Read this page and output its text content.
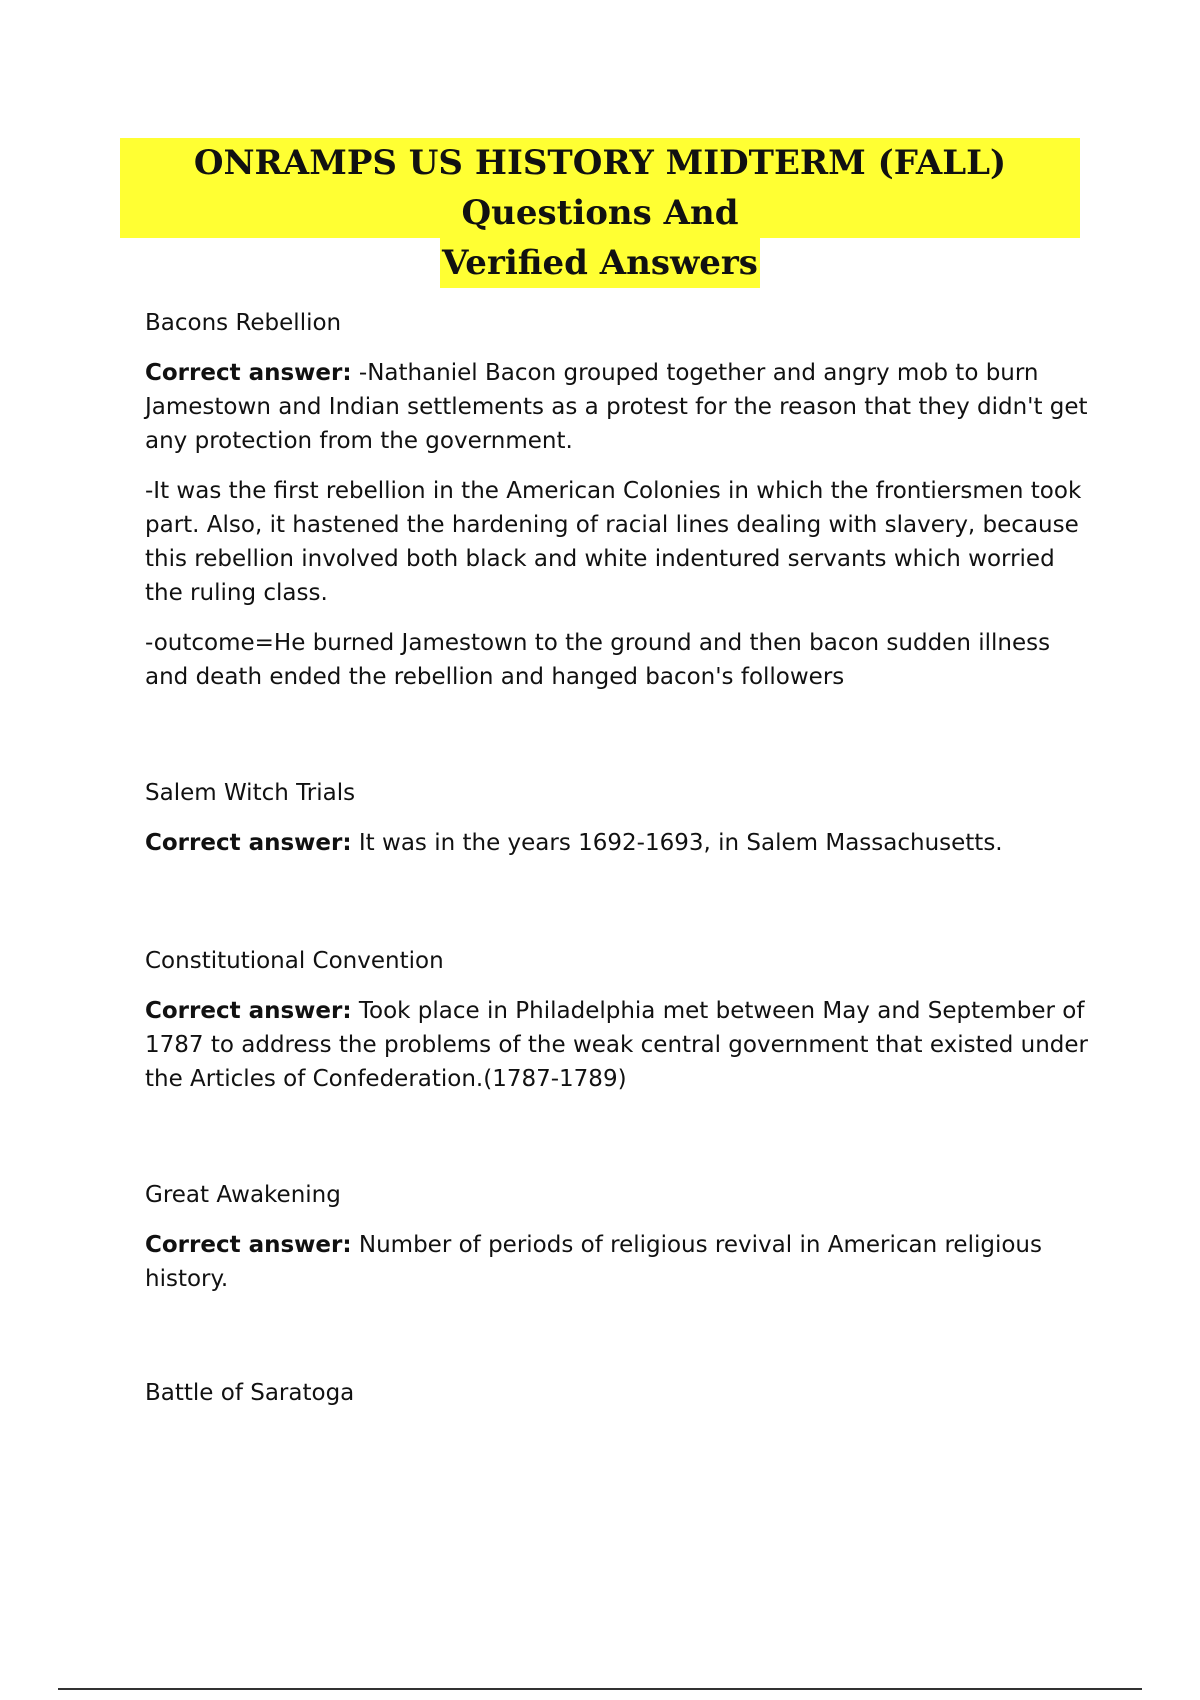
ONRAMPS US HISTORY MIDTERM (FALL) Questions And
Verified Answers

Bacons Rebellion

Correct answer: -Nathaniel Bacon grouped together and angry mob to burn Jamestown and Indian settlements as a protest for the reason that they didn't get any protection from the government.

-It was the first rebellion in the American Colonies in which the frontiersmen took part. Also, it hastened the hardening of racial lines dealing with slavery, because this rebellion involved both black and white indentured servants which worried the ruling class.

-outcome=He burned Jamestown to the ground and then bacon sudden illness and death ended the rebellion and hanged bacon's followers

Salem Witch Trials

Correct answer: It was in the years 1692-1693, in Salem Massachusetts.

Constitutional Convention

Correct answer: Took place in Philadelphia met between May and September of 1787 to address the problems of the weak central government that existed under the Articles of Confederation.(1787-1789)

Great Awakening

Correct answer: Number of periods of religious revival in American religious history.

Battle of Saratoga
